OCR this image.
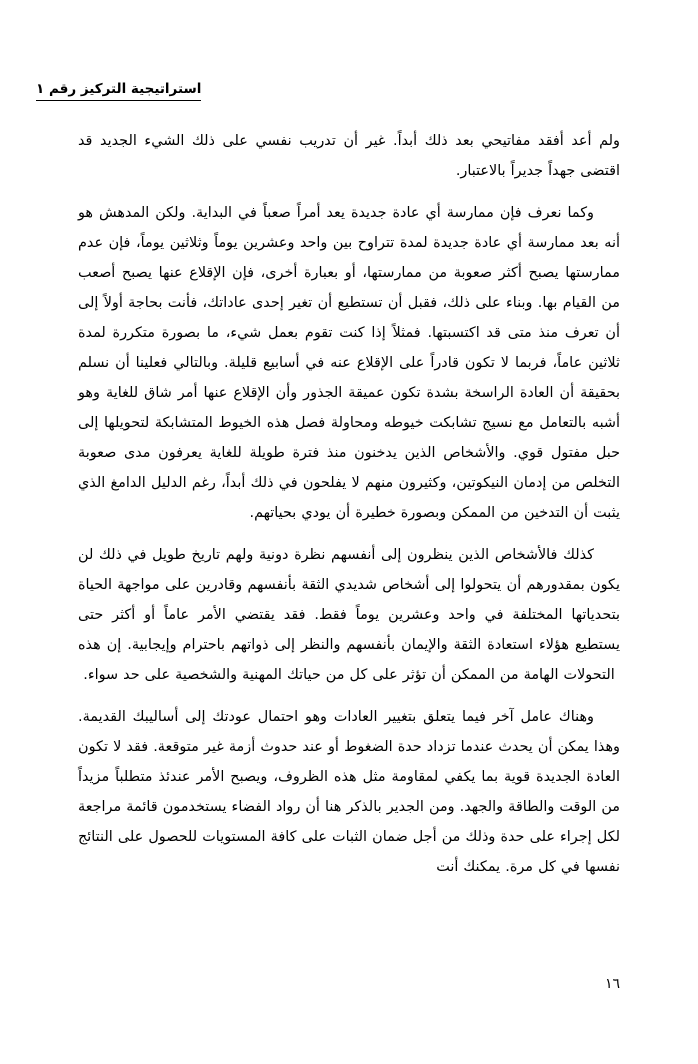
استراتيجية التركيز رقم ١

ولم أعد أفقد مفاتيحي بعد ذلك أبداً. غير أن تدريب نفسي على ذلك الشيء الجديد قد اقتضى جهداً جديراً بالاعتبار.

وكما نعرف فإن ممارسة أي عادة جديدة يعد أمراً صعباً في البداية. ولكن المدهش هو أنه بعد ممارسة أي عادة جديدة لمدة تتراوح بين واحد وعشرين يوماً وثلاثين يوماً، فإن عدم ممارستها يصبح أكثر صعوبة من ممارستها، أو بعبارة أخرى، فإن الإقلاع عنها يصبح أصعب من القيام بها. وبناء على ذلك، فقبل أن تستطيع أن تغير إحدى عاداتك، فأنت بحاجة أولاً إلى أن تعرف منذ متى قد اكتسبتها. فمثلاً إذا كنت تقوم بعمل شيء، ما بصورة متكررة لمدة ثلاثين عاماً، فربما لا تكون قادراً على الإقلاع عنه في أسابيع قليلة. وبالتالي فعلينا أن نسلم بحقيقة أن العادة الراسخة بشدة تكون عميقة الجذور وأن الإقلاع عنها أمر شاق للغاية وهو أشبه بالتعامل مع نسيج تشابكت خيوطه ومحاولة فصل هذه الخيوط المتشابكة لتحويلها إلى حبل مفتول قوي. والأشخاص الذين يدخنون منذ فترة طويلة للغاية يعرفون مدى صعوبة التخلص من إدمان النيكوتين، وكثيرون منهم لا يفلحون في ذلك أبداً، رغم الدليل الدامغ الذي يثبت أن التدخين من الممكن وبصورة خطيرة أن يودي بحياتهم.

كذلك فالأشخاص الذين ينظرون إلى أنفسهم نظرة دونية ولهم تاريخ طويل في ذلك لن يكون بمقدورهم أن يتحولوا إلى أشخاص شديدي الثقة بأنفسهم وقادرين على مواجهة الحياة بتحدياتها المختلفة في واحد وعشرين يوماً فقط. فقد يقتضي الأمر عاماً أو أكثر حتى يستطيع هؤلاء استعادة الثقة والإيمان بأنفسهم والنظر إلى ذواتهم باحترام وإيجابية. إن هذه التحولات الهامة من الممكن أن تؤثر على كل من حياتك المهنية والشخصية على حد سواء.

وهناك عامل آخر فيما يتعلق بتغيير العادات وهو احتمال عودتك إلى أساليبك القديمة. وهذا يمكن أن يحدث عندما تزداد حدة الضغوط أو عند حدوث أزمة غير متوقعة. فقد لا تكون العادة الجديدة قوية بما يكفي لمقاومة مثل هذه الظروف، ويصبح الأمر عندئذ متطلباً مزيداً من الوقت والطاقة والجهد. ومن الجدير بالذكر هنا أن رواد الفضاء يستخدمون قائمة مراجعة لكل إجراء على حدة وذلك من أجل ضمان الثبات على كافة المستويات للحصول على النتائج نفسها في كل مرة. يمكنك أنت

١٦
